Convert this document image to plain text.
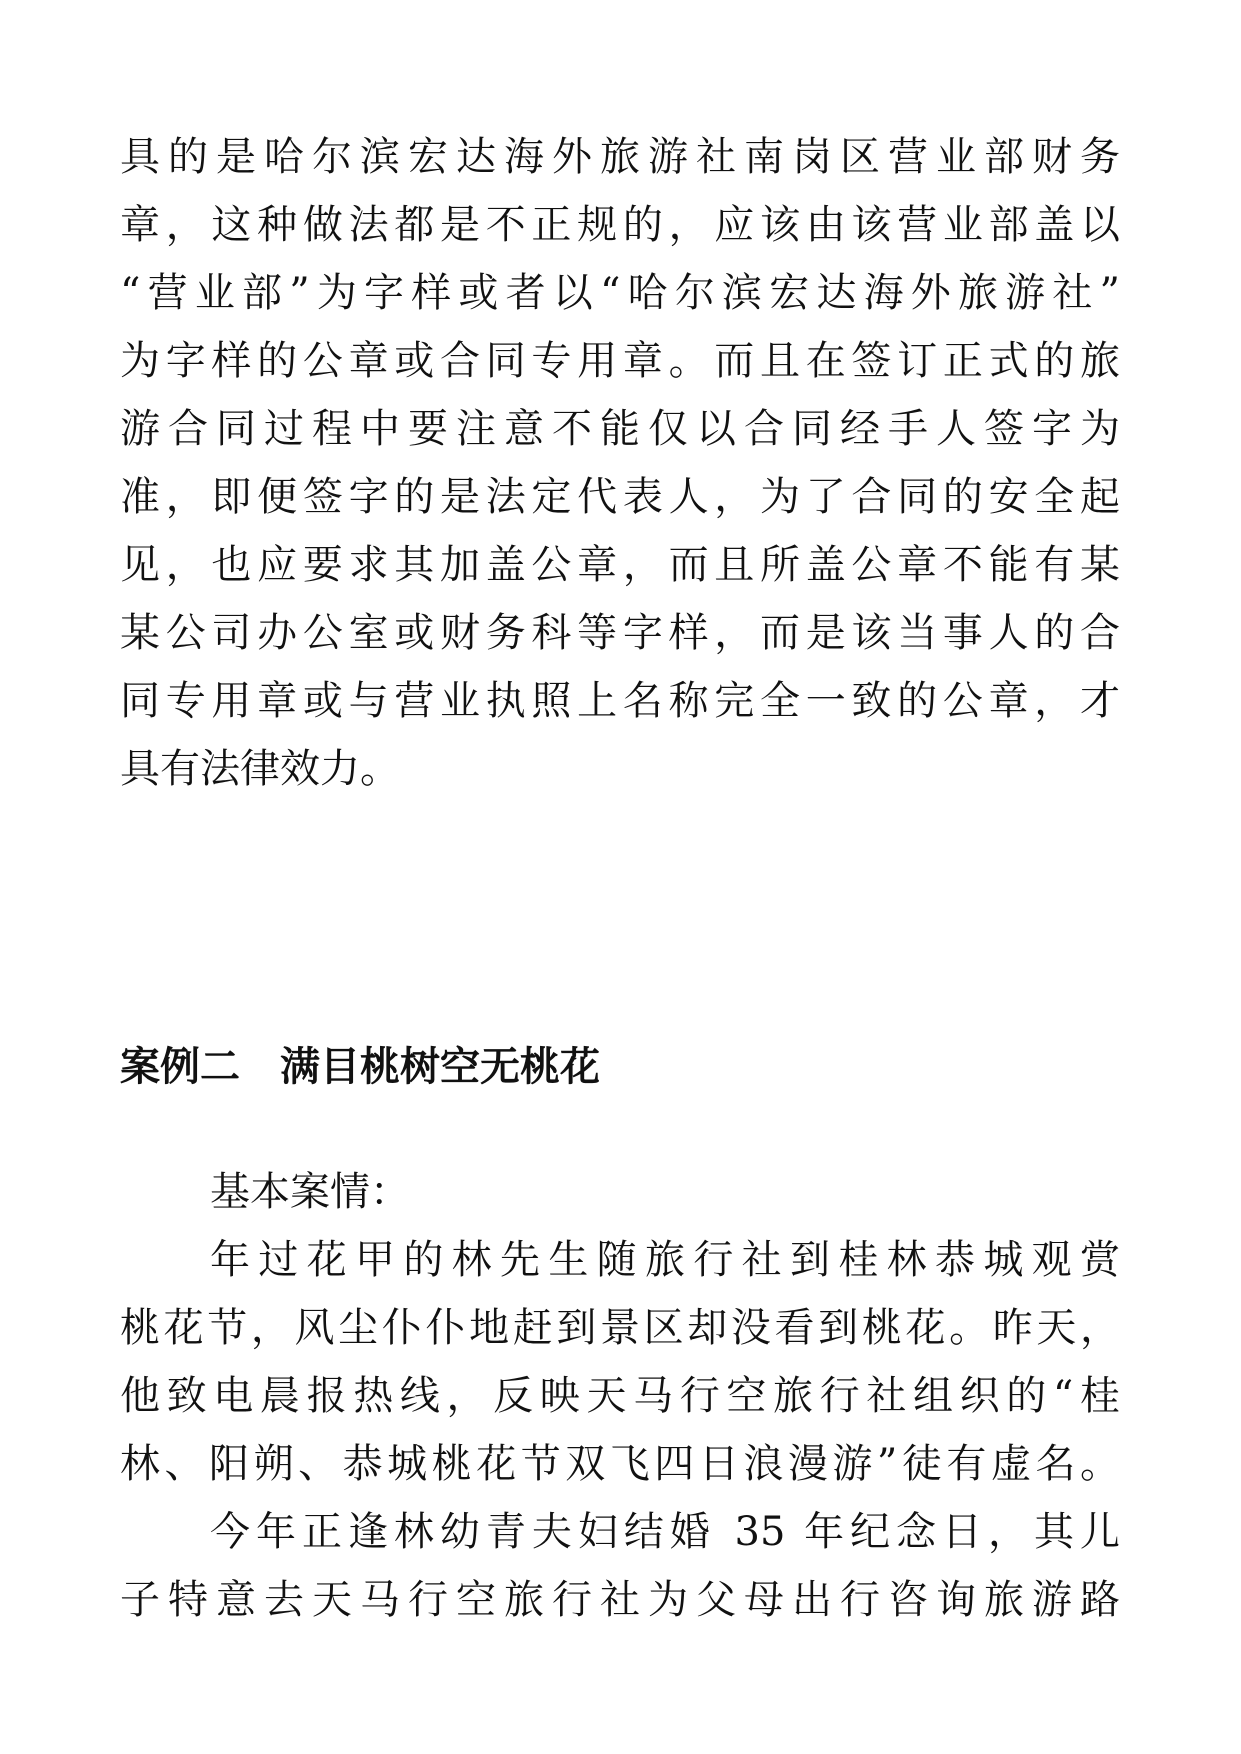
具的是哈尔滨宏达海外旅游社南岗区营业部财务
章，这种做法都是不正规的，应该由该营业部盖以
“营业部”为字样或者以“哈尔滨宏达海外旅游社”
为字样的公章或合同专用章。而且在签订正式的旅
游合同过程中要注意不能仅以合同经手人签字为
准，即便签字的是法定代表人，为了合同的安全起
见，也应要求其加盖公章，而且所盖公章不能有某
某公司办公室或财务科等字样，而是该当事人的合
同专用章或与营业执照上名称完全一致的公章，才
具有法律效力。
案例二　满目桃树空无桃花
基本案情：
年过花甲的林先生随旅行社到桂林恭城观赏
桃花节，风尘仆仆地赶到景区却没看到桃花。昨天，
他致电晨报热线，反映天马行空旅行社组织的“桂
林、阳朔、恭城桃花节双飞四日浪漫游”徒有虚名。
今年正逢林幼青夫妇结婚 35 年纪念日，其儿
子特意去天马行空旅行社为父母出行咨询旅游路
